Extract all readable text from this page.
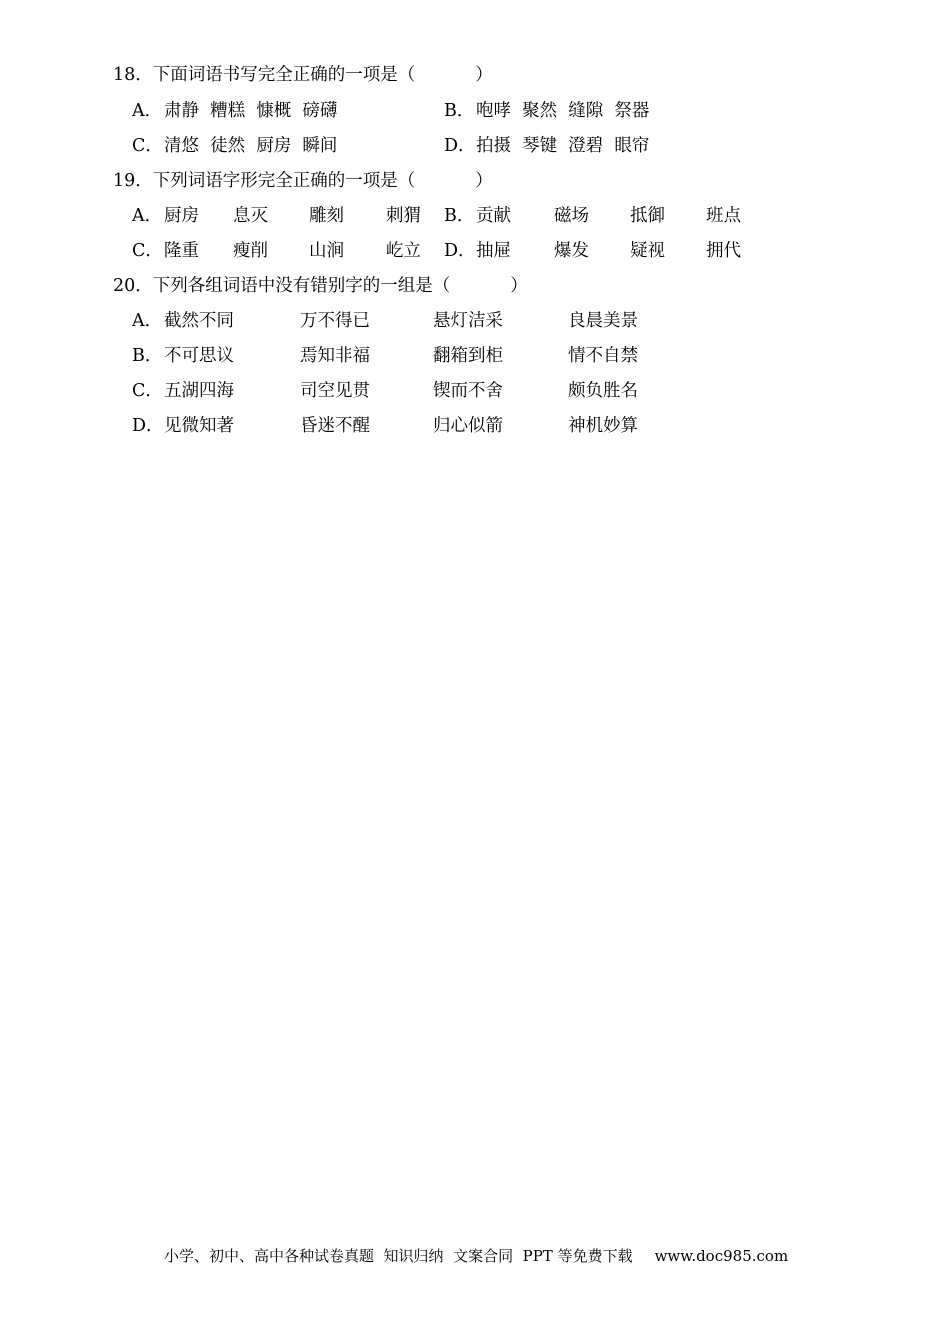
18．下面词语书写完全正确的一项是（	）
A． 肃静  糟糕  慷概  磅礴	B．咆哮  聚然  缝隙  祭器
C．清悠  徒然  厨房  瞬间	D．拍摄  琴键  澄碧  眼帘
19．下列词语字形完全正确的一项是（	）
A． 厨房 息灭 雕刻 刺猬 B．贡献 磁场 抵御 班点
C．隆重 瘦削 山涧 屹立 D．抽屉 爆发 疑视 拥代
20．下列各组词语中没有错别字的一组是（	）
A． 截然不同	万不得已	悬灯洁采	良晨美景
B．不可思议	焉知非福	翻箱到柜	情不自禁
C．五湖四海	司空见贯	锲而不舍	颇负胜名
D．见微知著	昏迷不醒	归心似箭	神机妙算
小学、初中、高中各种试卷真题  知识归纳  文案合同  PPT 等免费下载 www.doc985.com
